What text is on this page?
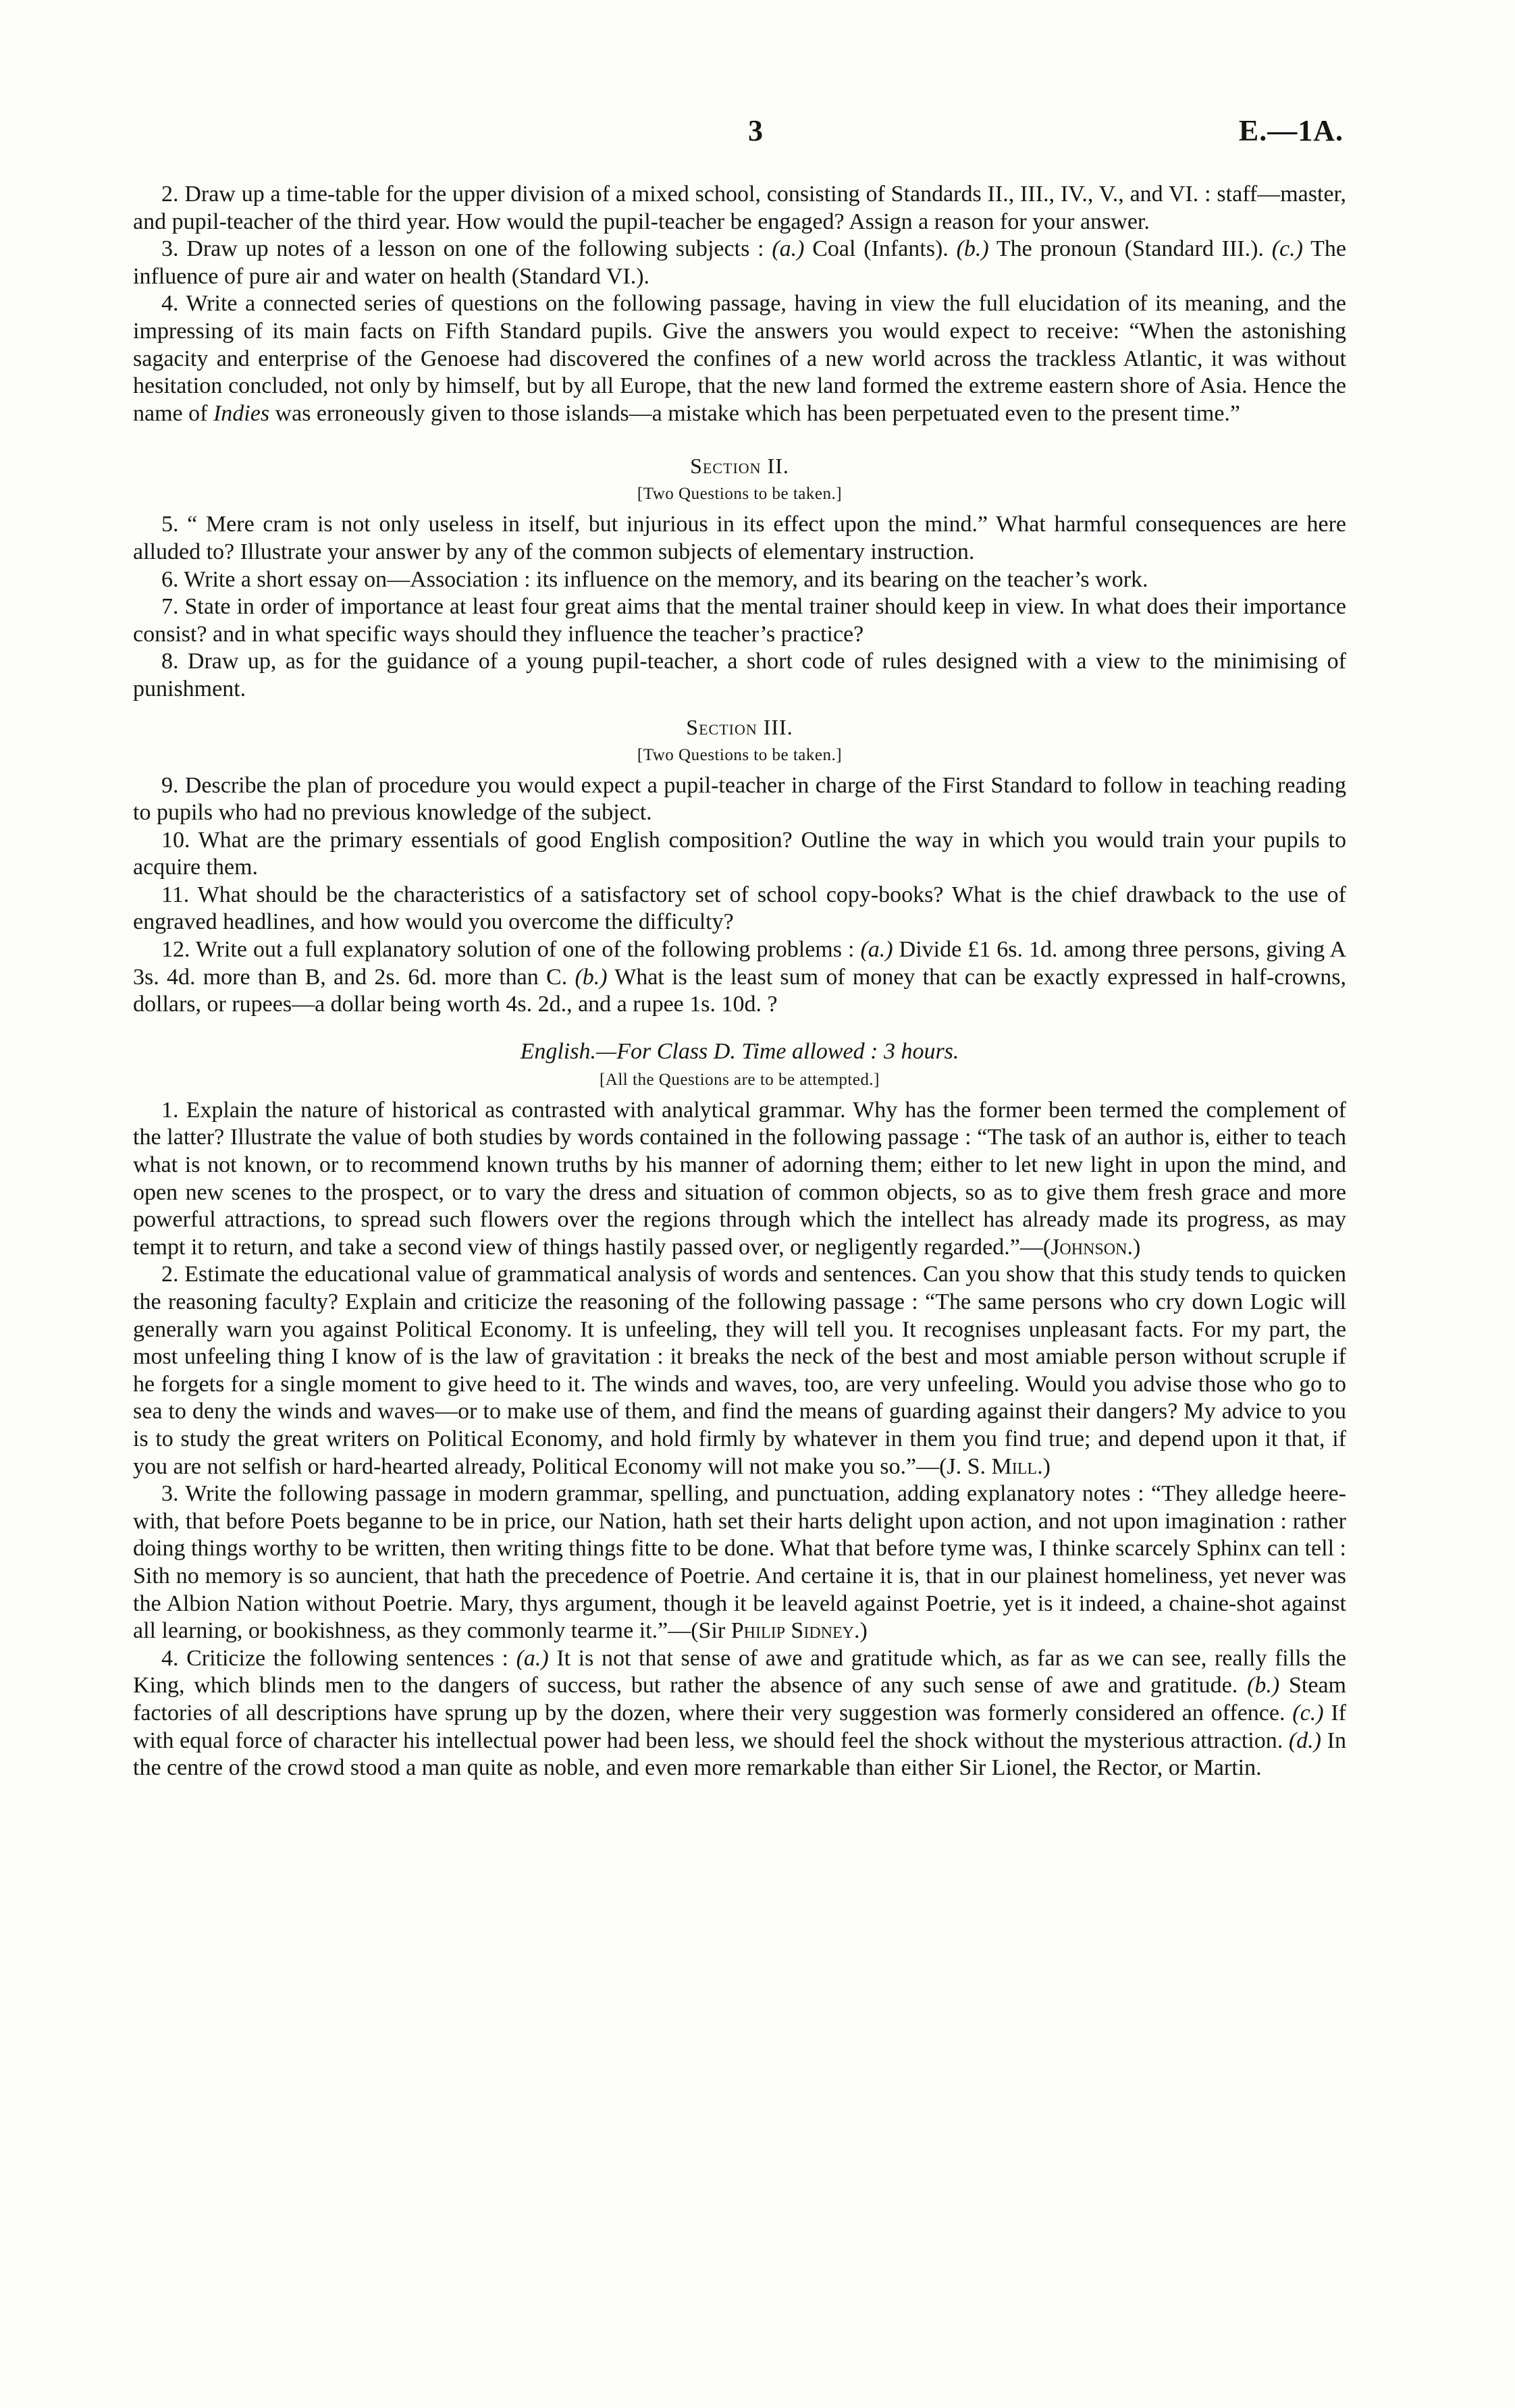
3	E.—1A.

2. Draw up a time-table for the upper division of a mixed school, consisting of Standards II., III., IV., V., and VI. : staff—master, and pupil-teacher of the third year. How would the pupil-teacher be engaged? Assign a reason for your answer.

3. Draw up notes of a lesson on one of the following subjects : (a.) Coal (Infants). (b.) The pronoun (Standard III.). (c.) The influence of pure air and water on health (Standard VI.).

4. Write a connected series of questions on the following passage, having in view the full elucidation of its meaning, and the impressing of its main facts on Fifth Standard pupils. Give the answers you would expect to receive: “When the astonishing sagacity and enterprise of the Genoese had discovered the confines of a new world across the trackless Atlantic, it was without hesitation concluded, not only by himself, but by all Europe, that the new land formed the extreme eastern shore of Asia. Hence the name of Indies was erroneously given to those islands—a mistake which has been perpetuated even to the present time.”

Section II.
[Two Questions to be taken.]

5. “ Mere cram is not only useless in itself, but injurious in its effect upon the mind.” What harmful consequences are here alluded to? Illustrate your answer by any of the common subjects of elementary instruction.

6. Write a short essay on—Association : its influence on the memory, and its bearing on the teacher’s work.

7. State in order of importance at least four great aims that the mental trainer should keep in view. In what does their importance consist? and in what specific ways should they influence the teacher’s practice?

8. Draw up, as for the guidance of a young pupil-teacher, a short code of rules designed with a view to the minimising of punishment.

Section III.
[Two Questions to be taken.]

9. Describe the plan of procedure you would expect a pupil-teacher in charge of the First Standard to follow in teaching reading to pupils who had no previous knowledge of the subject.

10. What are the primary essentials of good English composition? Outline the way in which you would train your pupils to acquire them.

11. What should be the characteristics of a satisfactory set of school copy-books? What is the chief drawback to the use of engraved headlines, and how would you overcome the difficulty?

12. Write out a full explanatory solution of one of the following problems : (a.) Divide £1 6s. 1d. among three persons, giving A 3s. 4d. more than B, and 2s. 6d. more than C. (b.) What is the least sum of money that can be exactly expressed in half-crowns, dollars, or rupees—a dollar being worth 4s. 2d., and a rupee 1s. 10d. ?

English.—For Class D. Time allowed : 3 hours.
[All the Questions are to be attempted.]

1. Explain the nature of historical as contrasted with analytical grammar. Why has the former been termed the complement of the latter? Illustrate the value of both studies by words contained in the following passage : “The task of an author is, either to teach what is not known, or to recommend known truths by his manner of adorning them; either to let new light in upon the mind, and open new scenes to the prospect, or to vary the dress and situation of common objects, so as to give them fresh grace and more powerful attractions, to spread such flowers over the regions through which the intellect has already made its progress, as may tempt it to return, and take a second view of things hastily passed over, or negligently regarded.”—(Johnson.)

2. Estimate the educational value of grammatical analysis of words and sentences. Can you show that this study tends to quicken the reasoning faculty? Explain and criticize the reasoning of the following passage : “The same persons who cry down Logic will generally warn you against Political Economy. It is unfeeling, they will tell you. It recognises unpleasant facts. For my part, the most unfeeling thing I know of is the law of gravitation : it breaks the neck of the best and most amiable person without scruple if he forgets for a single moment to give heed to it. The winds and waves, too, are very unfeeling. Would you advise those who go to sea to deny the winds and waves—or to make use of them, and find the means of guarding against their dangers? My advice to you is to study the great writers on Political Economy, and hold firmly by whatever in them you find true; and depend upon it that, if you are not selfish or hard-hearted already, Political Economy will not make you so.”—(J. S. Mill.)

3. Write the following passage in modern grammar, spelling, and punctuation, adding explanatory notes : “They alledge heere-with, that before Poets beganne to be in price, our Nation, hath set their harts delight upon action, and not upon imagination : rather doing things worthy to be written, then writing things fitte to be done. What that before tyme was, I thinke scarcely Sphinx can tell : Sith no memory is so auncient, that hath the precedence of Poetrie. And certaine it is, that in our plainest homeliness, yet never was the Albion Nation without Poetrie. Mary, thys argument, though it be leaveld against Poetrie, yet is it indeed, a chaine-shot against all learning, or bookishness, as they commonly tearme it.”—(Sir Philip Sidney.)

4. Criticize the following sentences : (a.) It is not that sense of awe and gratitude which, as far as we can see, really fills the King, which blinds men to the dangers of success, but rather the absence of any such sense of awe and gratitude. (b.) Steam factories of all descriptions have sprung up by the dozen, where their very suggestion was formerly considered an offence. (c.) If with equal force of character his intellectual power had been less, we should feel the shock without the mysterious attraction. (d.) In the centre of the crowd stood a man quite as noble, and even more remarkable than either Sir Lionel, the Rector, or Martin.
